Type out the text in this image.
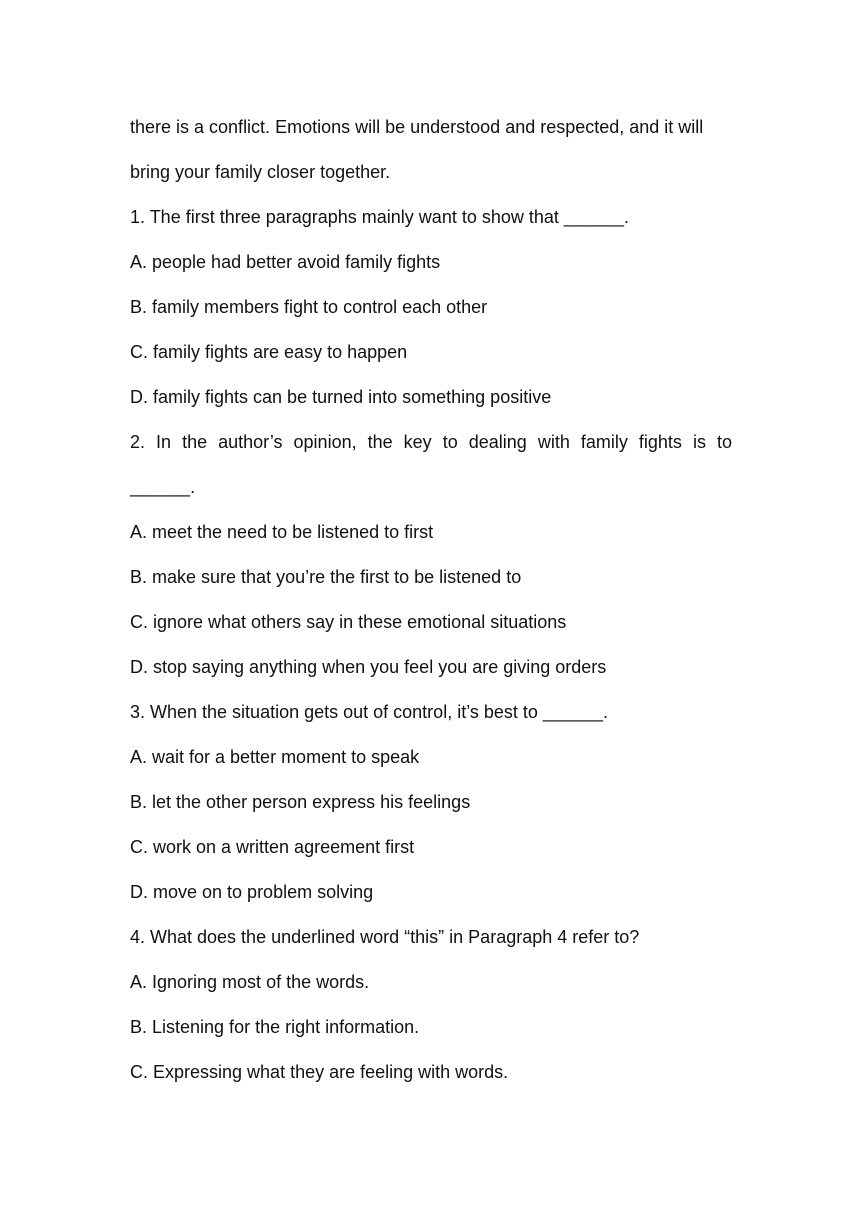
there is a conflict. Emotions will be understood and respected, and it will

bring your family closer together.

1. The first three paragraphs mainly want to show that ______.

A. people had better avoid family fights

B. family members fight to control each other

C. family fights are easy to happen

D. family fights can be turned into something positive

2. In the author’s opinion, the key to dealing with family fights is to

______.

A. meet the need to be listened to first

B. make sure that you’re the first to be listened to

C. ignore what others say in these emotional situations

D. stop saying anything when you feel you are giving orders

3. When the situation gets out of control, it’s best to ______.

A. wait for a better moment to speak

B. let the other person express his feelings

C. work on a written agreement first

D. move on to problem solving

4. What does the underlined word “this” in Paragraph 4 refer to?

A. Ignoring most of the words.

B. Listening for the right information.

C. Expressing what they are feeling with words.
